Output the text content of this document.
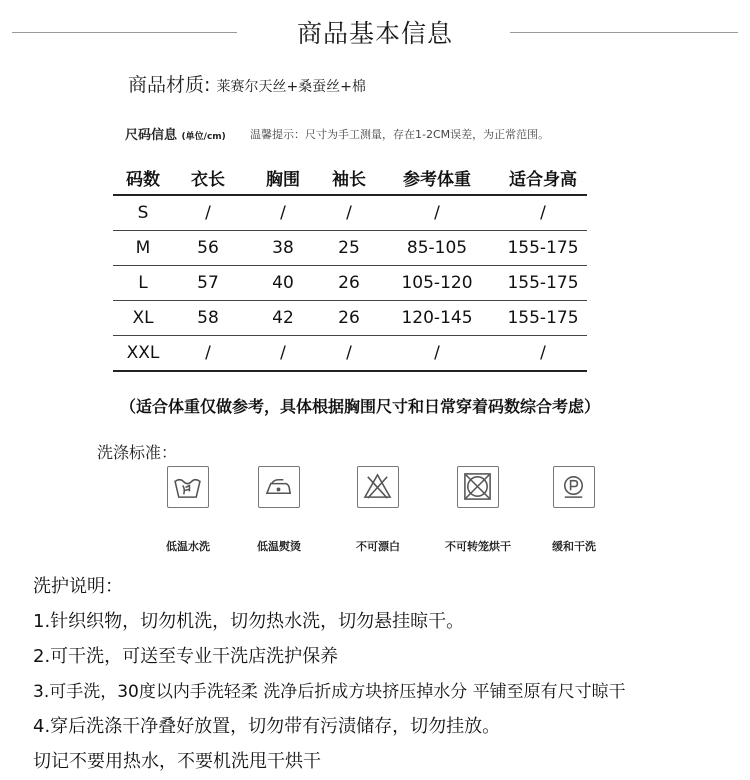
商品基本信息
商品材质: 莱赛尔天丝+桑蚕丝+棉
尺码信息 (单位/cm) 温馨提示：尺寸为手工测量，存在1-2CM误差，为正常范围。
码数	衣长	胸围	袖长	参考体重	适合身高
S	/	/	/	/	/
M	56	38	25	85-105	155-175
L	57	40	26	105-120	155-175
XL	58	42	26	120-145	155-175
XXL	/	/	/	/	/
（适合体重仅做参考，具体根据胸围尺寸和日常穿着码数综合考虑）
洗涤标准：
低温水洗	低温熨烫	不可漂白	不可转笼烘干	缓和干洗
洗护说明：
1.针织织物，切勿机洗，切勿热水洗，切勿悬挂晾干。
2.可干洗，可送至专业干洗店洗护保养
3.可手洗，30度以内手洗轻柔 洗净后折成方块挤压掉水分 平铺至原有尺寸晾干
4.穿后洗涤干净叠好放置，切勿带有污渍储存，切勿挂放。
切记不要用热水，不要机洗甩干烘干
